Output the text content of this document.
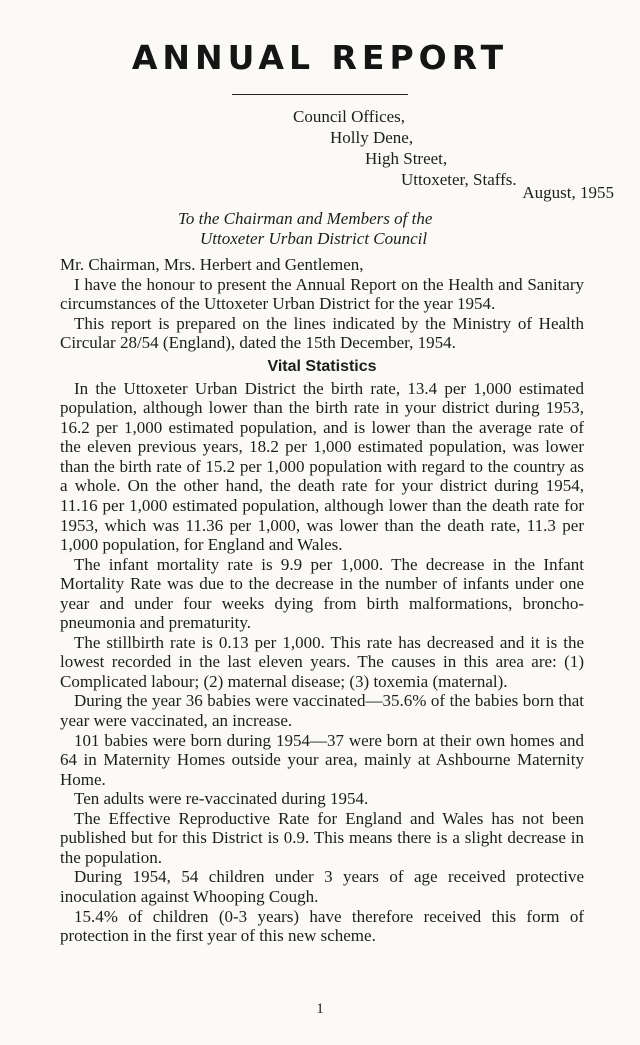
ANNUAL REPORT
Council Offices,
Holly Dene,
High Street,
Uttoxeter, Staffs.
August, 1955
To the Chairman and Members of the
Uttoxeter Urban District Council

Mr. Chairman, Mrs. Herbert and Gentlemen,

I have the honour to present the Annual Report on the Health and Sanitary circumstances of the Uttoxeter Urban District for the year 1954.

This report is prepared on the lines indicated by the Ministry of Health Circular 28/54 (England), dated the 15th December, 1954.

Vital Statistics

In the Uttoxeter Urban District the birth rate, 13.4 per 1,000 estimated population, although lower than the birth rate in your district during 1953, 16.2 per 1,000 estimated population, and is lower than the average rate of the eleven previous years, 18.2 per 1,000 estimated population, was lower than the birth rate of 15.2 per 1,000 population with regard to the country as a whole. On the other hand, the death rate for your district during 1954, 11.16 per 1,000 estimated population, although lower than the death rate for 1953, which was 11.36 per 1,000, was lower than the death rate, 11.3 per 1,000 population, for England and Wales.

The infant mortality rate is 9.9 per 1,000. The decrease in the Infant Mortality Rate was due to the decrease in the number of infants under one year and under four weeks dying from birth malformations, broncho-pneumonia and prematurity.

The stillbirth rate is 0.13 per 1,000. This rate has decreased and it is the lowest recorded in the last eleven years. The causes in this area are: (1) Complicated labour; (2) maternal disease; (3) toxemia (maternal).

During the year 36 babies were vaccinated—35.6% of the babies born that year were vaccinated, an increase.

101 babies were born during 1954—37 were born at their own homes and 64 in Maternity Homes outside your area, mainly at Ashbourne Maternity Home.

Ten adults were re-vaccinated during 1954.

The Effective Reproductive Rate for England and Wales has not been published but for this District is 0.9. This means there is a slight decrease in the population.

During 1954, 54 children under 3 years of age received protective inoculation against Whooping Cough.

15.4% of children (0-3 years) have therefore received this form of protection in the first year of this new scheme.

1
